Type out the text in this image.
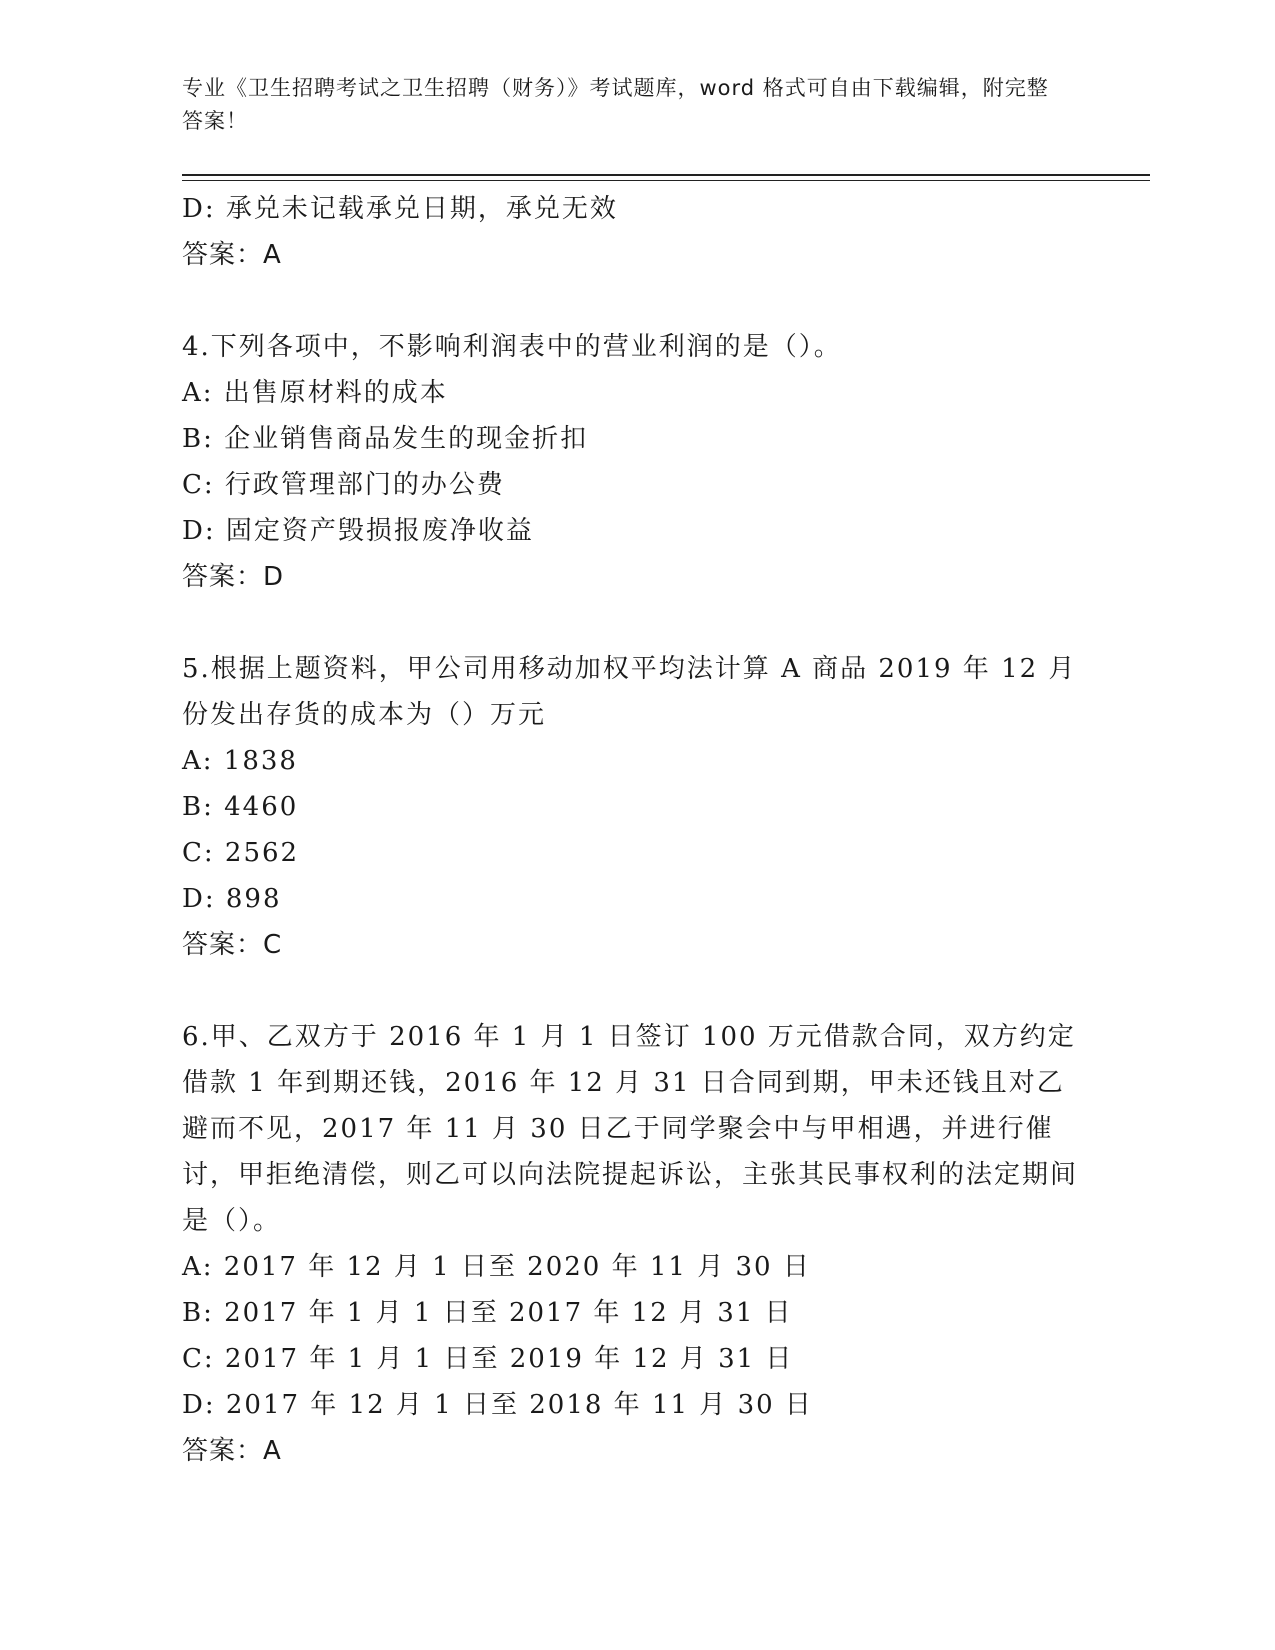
专业《卫生招聘考试之卫生招聘（财务）》考试题库，word 格式可自由下载编辑，附完整答案！
D: 承兑未记载承兑日期，承兑无效
答案：A
4.下列各项中，不影响利润表中的营业利润的是（）。
A: 出售原材料的成本
B: 企业销售商品发生的现金折扣
C: 行政管理部门的办公费
D: 固定资产毁损报废净收益
答案：D
5.根据上题资料，甲公司用移动加权平均法计算 A 商品 2019 年 12 月份发出存货的成本为（）万元
A: 1838
B: 4460
C: 2562
D: 898
答案：C
6.甲、乙双方于 2016 年 1 月 1 日签订 100 万元借款合同，双方约定借款 1 年到期还钱，2016 年 12 月 31 日合同到期，甲未还钱且对乙避而不见，2017 年 11 月 30 日乙于同学聚会中与甲相遇，并进行催讨，甲拒绝清偿，则乙可以向法院提起诉讼，主张其民事权利的法定期间是（）。
A: 2017 年 12 月 1 日至 2020 年 11 月 30 日
B: 2017 年 1 月 1 日至 2017 年 12 月 31 日
C: 2017 年 1 月 1 日至 2019 年 12 月 31 日
D: 2017 年 12 月 1 日至 2018 年 11 月 30 日
答案：A
